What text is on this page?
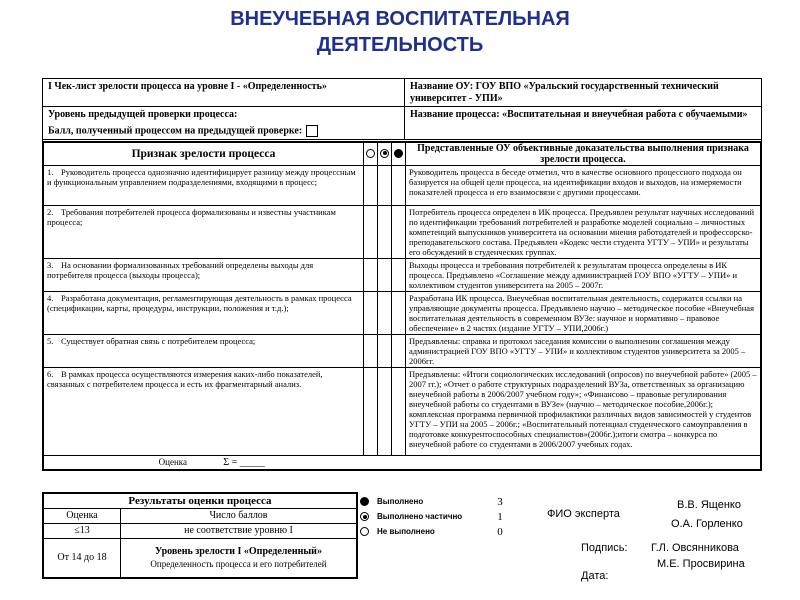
ВНЕУЧЕБНАЯ ВОСПИТАТЕЛЬНАЯ
ДЕЯТЕЛЬНОСТЬ
I Чек-лист зрелости процесса на уровне I - «Определенность»	Название ОУ: ГОУ ВПО «Уральский государственный технический университет - УПИ»
Уровень предыдущей проверки процесса:
Балл, полученный процессом на предыдущей проверке:
Название процесса: «Воспитательная и внеучебная работа с обучаемыми»
Признак зрелости процесса				Представленные ОУ объективные доказательства выполнения признака зрелости процесса.
1. Руководитель процесса однозначно идентифицирует разницу между процессным и функциональным управлением подразделениями, входящими в процесс;				Руководитель процесса в беседе отметил, что в качестве основного процессного подхода он базируется на общей цели процесса, на идентификации входов и выходов, на измеряемости показателей процесса и его взаимосвязи с другими процессами.
2. Требования потребителей процесса формализованы и известны участникам процесса;				Потребитель процесса определен в ИК процесса. Предъявлен результат научных исследований по идентификации требований потребителей и разработке моделей социально – личностных компетенций выпускников университета на основании мнения работодателей и профессорско-преподавательского состава. Предъявлен «Кодекс чести студента УГТУ – УПИ» и результаты его обсуждений в студенческих группах.
3. На основании формализованных требований определены выходы для потребителя процесса (выходы процесса);				Выходы процесса и требования потребителей к результатам процесса определены в ИК процесса. Предъявлено «Соглашение между администрацией ГОУ ВПО «УГТУ – УПИ» и коллективом студентов университета на 2005 – 2007г.
4. Разработана документация, регламентирующая деятельность в рамках процесса (спецификации, карты, процедуры, инструкции, положения и т.д.);				Разработана ИК процесса. Внеучебная воспитательная деятельность, содержатся ссылки на управляющие документы процесса. Предъявлено научно – методическое пособие «Внеучебная воспитательная деятельность в современном ВУЗе: научное и нормативно – правовое обеспечение» в 2 частях (издание УГТУ – УПИ,2006г.)
5. Существует обратная связь с потребителем процесса;				Предъявлены: справка и протокол заседания комиссии о выполнении соглашения между администрацией ГОУ ВПО «УГТУ – УПИ» и коллективом студентов университета за 2005 – 2006гг.
6. В рамках процесса осуществляются измерения каких-либо показателей, связанных с потребителем процесса и есть их фрагментарный анализ.				Предъявлены: «Итоги социологических исследований (опросов) по внеучебной работе» (2005 – 2007 гг.); «Отчет о работе структурных подразделений ВУЗа, ответственных за организацию внеучебной работы в 2006/2007 учебном году»; «Финансово – правовые регулирования внеучебной работы со студентами в ВУЗе» (научно – методическое пособие,2006г.); комплексная программа первичной профилактики различных видов зависимостей у студентов УГТУ – УПИ на 2005 – 2006г.; «Воспитательный потенциал студенческого самоуправления в подготовке конкурентоспособных специалистов»(2006г.);итоги смотра – конкурса по внеучебной работе со студентами в 2006/2007 учебных годах.
Оценка Σ = _____				
Результаты оценки процесса	
Оценка	Число баллов
≤13	не соответствие уровню I
От 14 до 18	Уровень зрелости I «Определенный»
Определенность процесса и его потребителей
Выполнено	3
Выполнено частично	1
Не выполнено	0
ФИО эксперта
В.В. Ященко
О.А. Горленко
Подпись: Г.Л. Овсянникова
М.Е. Просвирина
Дата:
